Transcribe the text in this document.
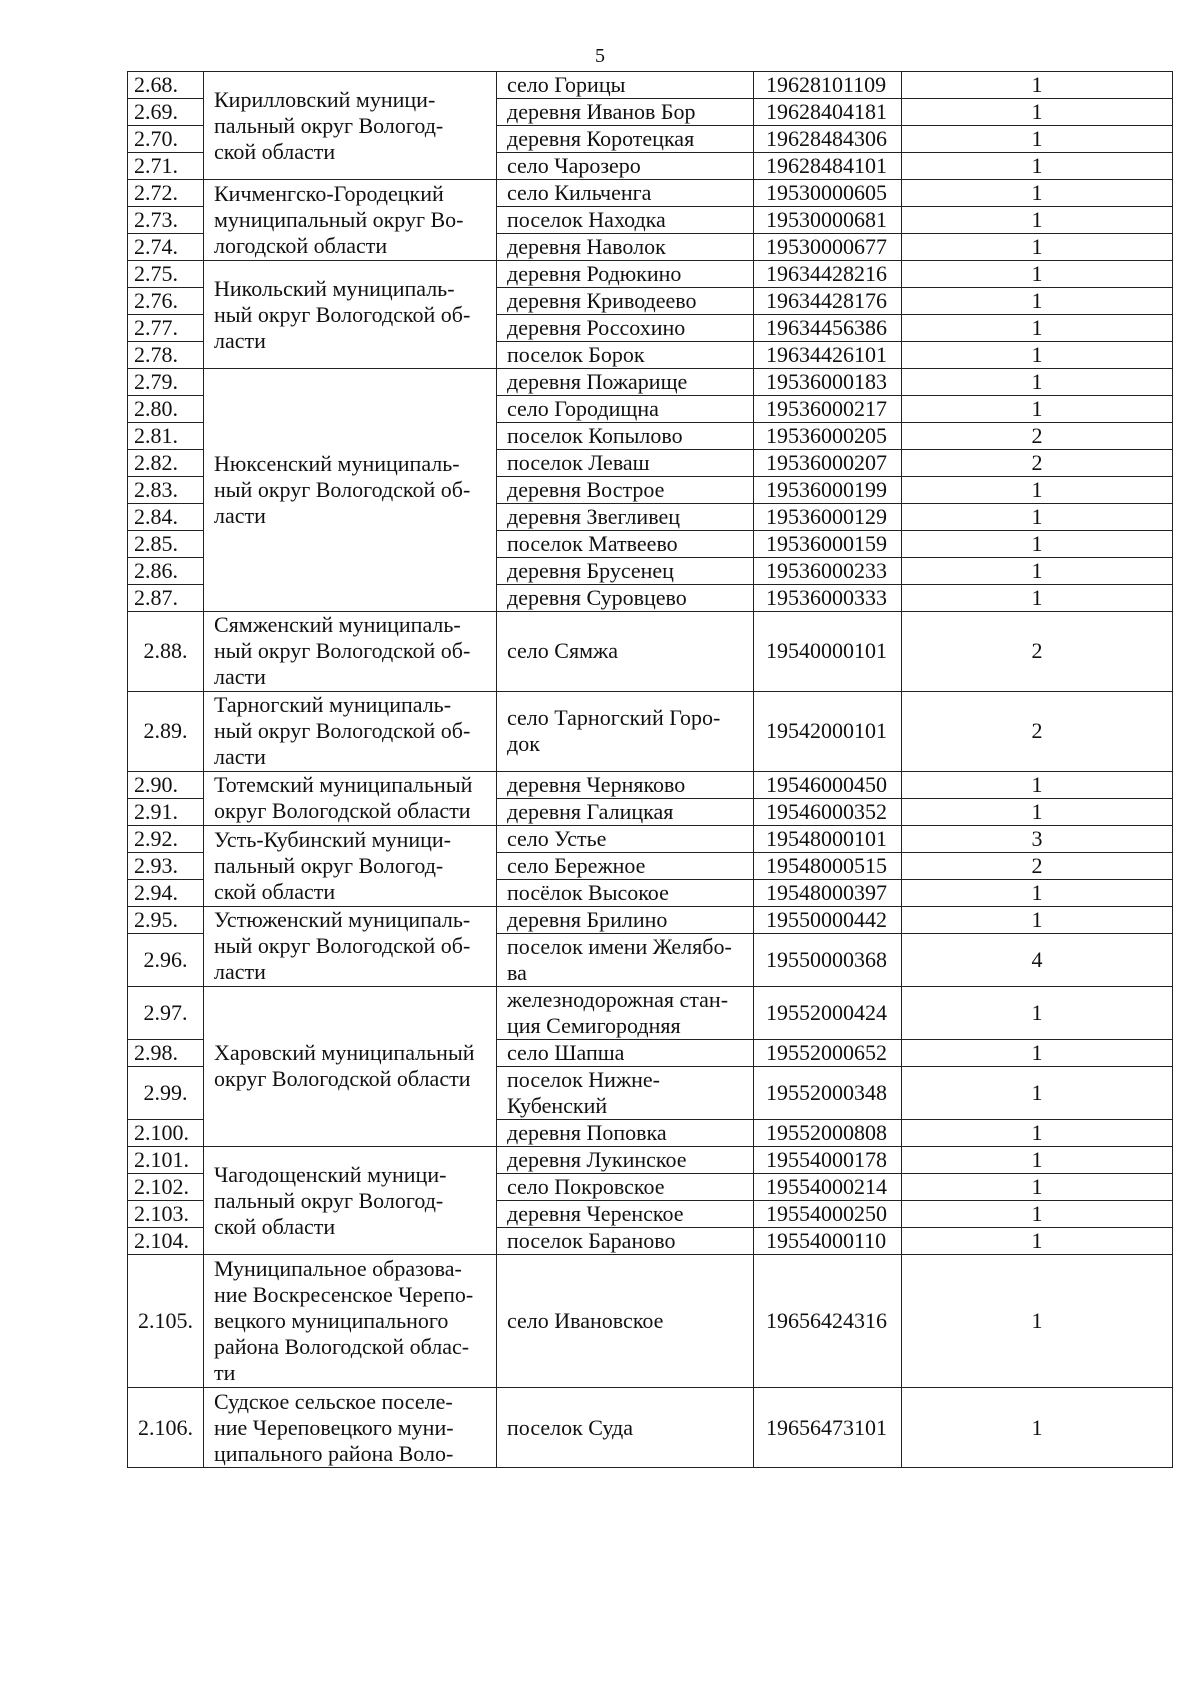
5
2.68.	Кирилловский муници-
пальный округ Вологод-
ской области	село Горицы	19628101109	1
2.69.		деревня Иванов Бор	19628404181	1
2.70.		деревня Коротецкая	19628484306	1
2.71.		село Чарозеро	19628484101	1
2.72.	Кичменгско-Городецкий
муниципальный округ Во-
логодской области	село Кильченга	19530000605	1
2.73.		поселок Находка	19530000681	1
2.74.		деревня Наволок	19530000677	1
2.75.	Никольский муниципаль-
ный округ Вологодской об-
ласти	деревня Родюкино	19634428216	1
2.76.		деревня Криводеево	19634428176	1
2.77.		деревня Россохино	19634456386	1
2.78.		поселок Борок	19634426101	1
2.79.	Нюксенский муниципаль-
ный округ Вологодской об-
ласти	деревня Пожарище	19536000183	1
2.80.		село Городищна	19536000217	1
2.81.		поселок Копылово	19536000205	2
2.82.		поселок Леваш	19536000207	2
2.83.		деревня Вострое	19536000199	1
2.84.		деревня Звегливец	19536000129	1
2.85.		поселок Матвеево	19536000159	1
2.86.		деревня Брусенец	19536000233	1
2.87.		деревня Суровцево	19536000333	1
2.88.	Сямженский муниципаль-
ный округ Вологодской об-
ласти	село Сямжа	19540000101	2
2.89.	Тарногский муниципаль-
ный округ Вологодской об-
ласти	село Тарногский Горо-
док	19542000101	2
2.90.	Тотемский муниципальный
округ Вологодской области	деревня Черняково	19546000450	1
2.91.		деревня Галицкая	19546000352	1
2.92.	Усть-Кубинский муници-
пальный округ Вологод-
ской области	село Устье	19548000101	3
2.93.		село Бережное	19548000515	2
2.94.		посёлок Высокое	19548000397	1
2.95.	Устюженский муниципаль-
ный округ Вологодской об-
ласти	деревня Брилино	19550000442	1
2.96.		поселок имени Желябо-
ва	19550000368	4
2.97.	Харовский муниципальный
округ Вологодской области	железнодорожная стан-
ция Семигородняя	19552000424	1
2.98.		село Шапша	19552000652	1
2.99.		поселок Нижне-
Кубенский	19552000348	1
2.100.		деревня Поповка	19552000808	1
2.101.	Чагодощенский муници-
пальный округ Вологод-
ской области	деревня Лукинское	19554000178	1
2.102.		село Покровское	19554000214	1
2.103.		деревня Черенское	19554000250	1
2.104.		поселок Бараново	19554000110	1
2.105.	Муниципальное образова-
ние Воскресенское Черепо-
вецкого муниципального
района Вологодской облас-
ти	село Ивановское	19656424316	1
2.106.	Судское сельское поселе-
ние Череповецкого муни-
ципального района Воло-	поселок Суда	19656473101	1
